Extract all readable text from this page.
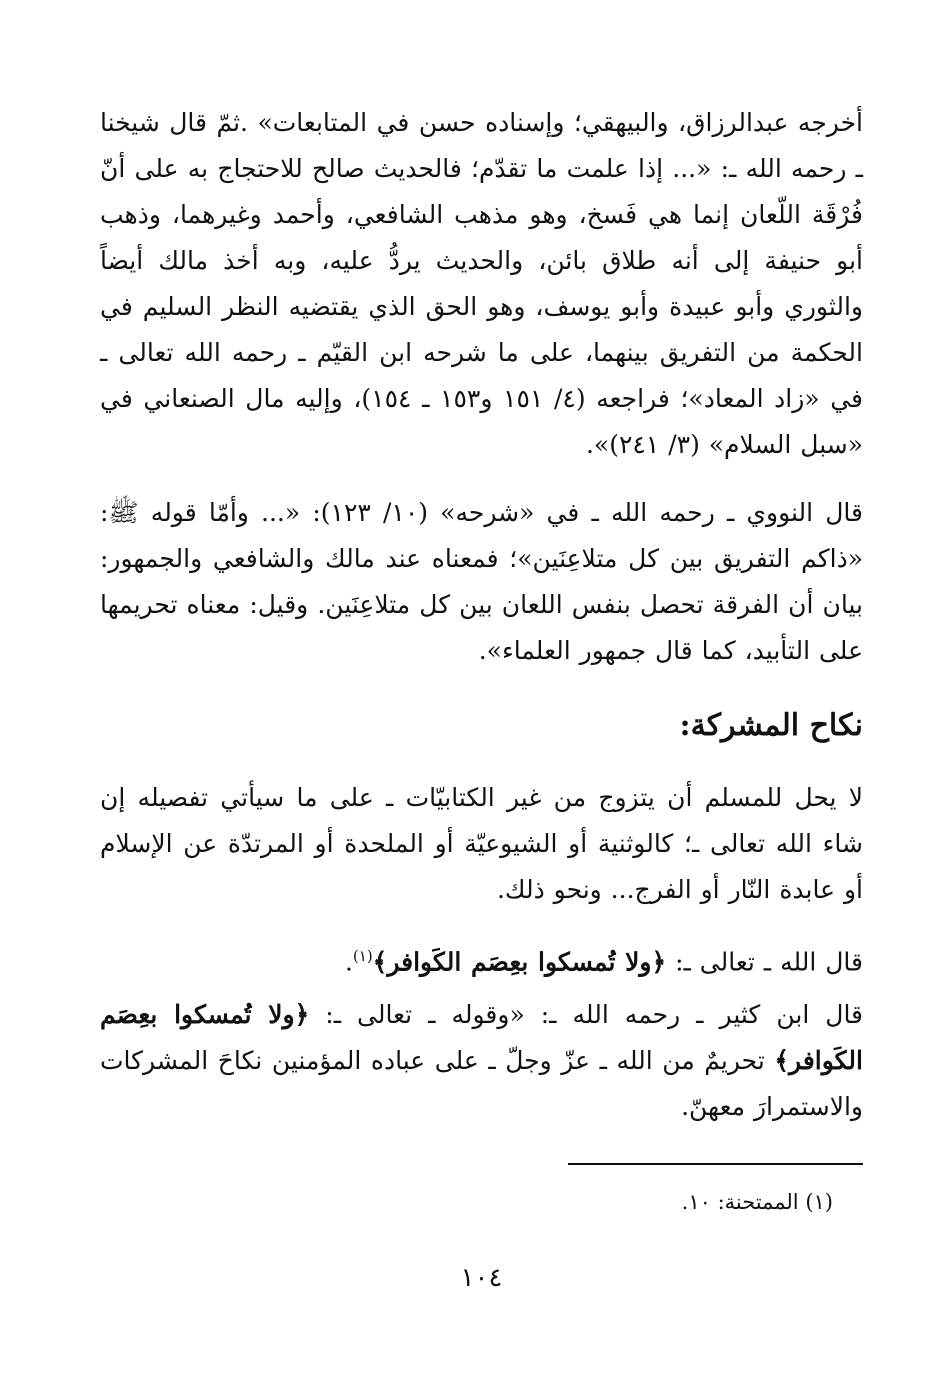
أخرجه عبدالرزاق، والبيهقي؛ وإسناده حسن في المتابعات» .ثمّ قال شيخنا ـ رحمه الله ـ: «... إذا علمت ما تقدّم؛ فالحديث صالح للاحتجاج به على أنّ فُرْقَة اللّعان إنما هي فَسخ، وهو مذهب الشافعي، وأحمد وغيرهما، وذهب أبو حنيفة إلى أنه طلاق بائن، والحديث يردُّ عليه، وبه أخذ مالك أيضاً والثوري وأبو عبيدة وأبو يوسف، وهو الحق الذي يقتضيه النظر السليم في الحكمة من التفريق بينهما، على ما شرحه ابن القيّم ـ رحمه الله تعالى ـ في «زاد المعاد»؛ فراجعه (٤/ ١٥١ و١٥٣ ـ ١٥٤)، وإليه مال الصنعاني في «سبل السلام» (٣/ ٢٤١)».

قال النووي ـ رحمه الله ـ في «شرحه» (١٠/ ١٢٣): «... وأمّا قوله ﷺ: «ذاكم التفريق بين كل متلاعِنَين»؛ فمعناه عند مالك والشافعي والجمهور: بيان أن الفرقة تحصل بنفس اللعان بين كل متلاعِنَين. وقيل: معناه تحريمها على التأبيد، كما قال جمهور العلماء».

نكاح المشركة:

لا يحل للمسلم أن يتزوج من غير الكتابيّات ـ على ما سيأتي تفصيله إن شاء الله تعالى ـ؛ كالوثنية أو الشيوعيّة أو الملحدة أو المرتدّة عن الإسلام أو عابدة النّار أو الفرج... ونحو ذلك.

قال الله ـ تعالى ـ: ﴿ولا تُمسكوا بعِصَم الكَوافر﴾$^{(١)}$.

قال ابن كثير ـ رحمه الله ـ: «وقوله ـ تعالى ـ: ﴿ولا تُمسكوا بعِصَم الكَوافر﴾ تحريمٌ من الله ـ عزّ وجلّ ـ على عباده المؤمنين نكاحَ المشركات والاستمرارَ معهنّ.

(١) الممتحنة: ١٠.
١٠٤
